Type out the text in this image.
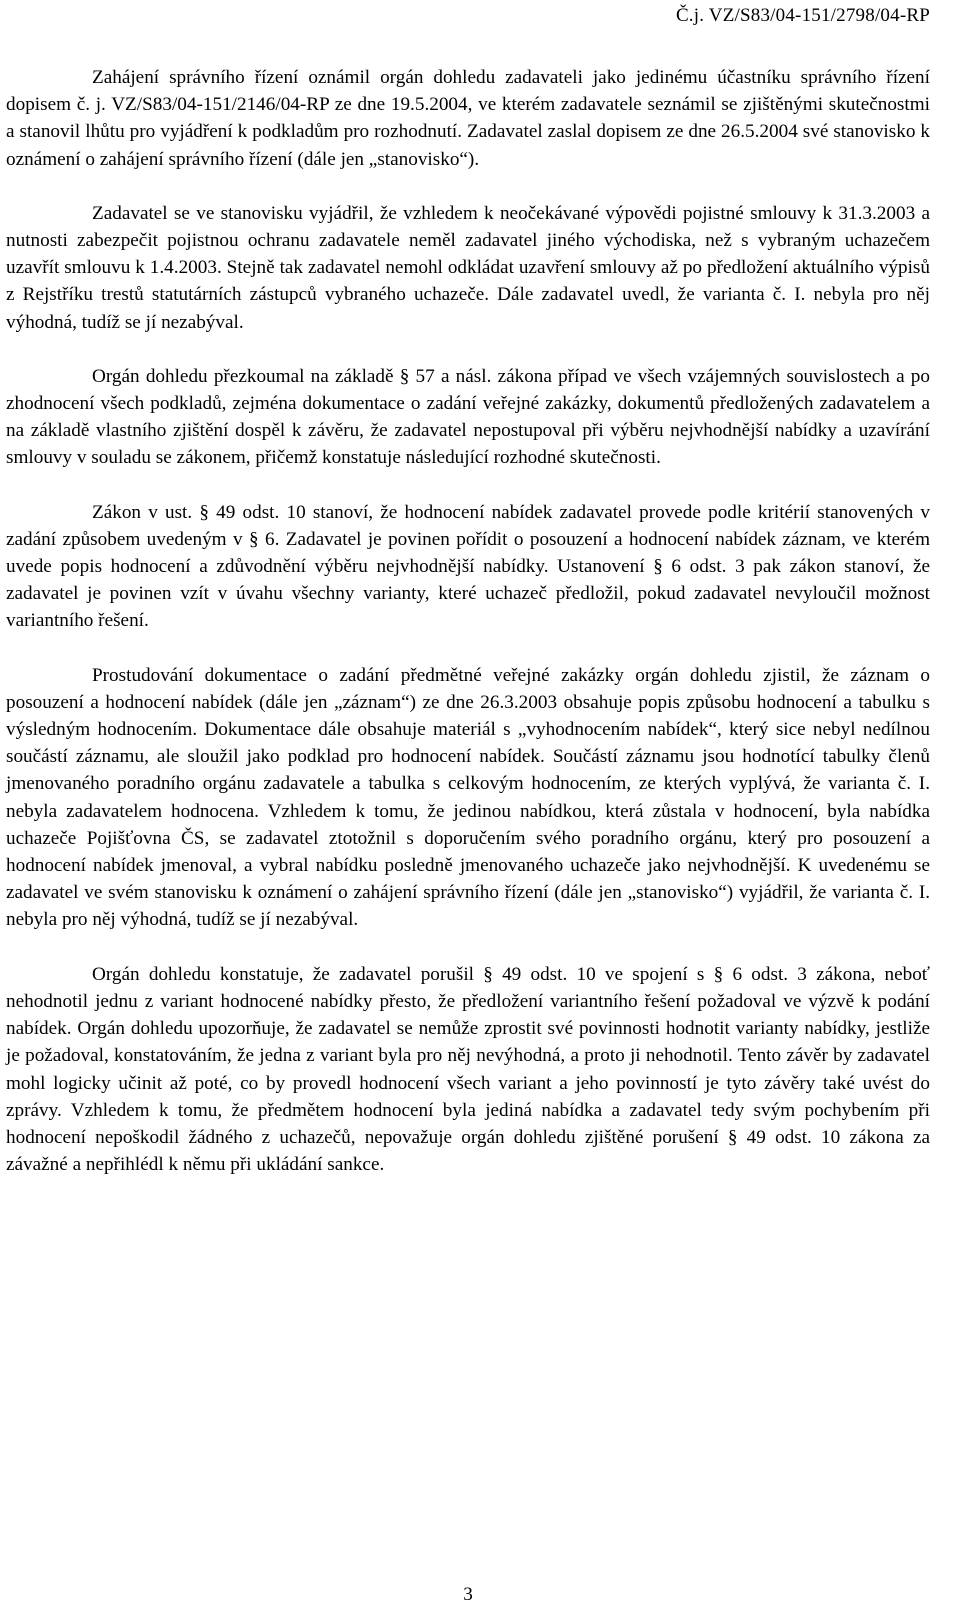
Č.j. VZ/S83/04-151/2798/04-RP

Zahájení správního řízení oznámil orgán dohledu zadavateli jako jedinému účastníku správního řízení dopisem č. j. VZ/S83/04-151/2146/04-RP ze dne 19.5.2004, ve kterém zadavatele seznámil se zjištěnými skutečnostmi a stanovil lhůtu pro vyjádření k podkladům pro rozhodnutí. Zadavatel zaslal dopisem ze dne 26.5.2004 své stanovisko k oznámení o zahájení správního řízení (dále jen „stanovisko“).

Zadavatel se ve stanovisku vyjádřil, že vzhledem k neočekávané výpovědi pojistné smlouvy k 31.3.2003 a nutnosti zabezpečit pojistnou ochranu zadavatele neměl zadavatel jiného východiska, než s vybraným uchazečem uzavřít smlouvu k 1.4.2003. Stejně tak zadavatel nemohl odkládat uzavření smlouvy až po předložení aktuálního výpisů z Rejstříku trestů statutárních zástupců vybraného uchazeče. Dále zadavatel uvedl, že varianta č. I. nebyla pro něj výhodná, tudíž se jí nezabýval.

Orgán dohledu přezkoumal na základě § 57 a násl. zákona případ ve všech vzájemných souvislostech a po zhodnocení všech podkladů, zejména dokumentace o zadání veřejné zakázky, dokumentů předložených zadavatelem a na základě vlastního zjištění dospěl k závěru, že zadavatel nepostupoval při výběru nejvhodnější nabídky a uzavírání smlouvy v souladu se zákonem, přičemž konstatuje následující rozhodné skutečnosti.

Zákon v ust. § 49 odst. 10 stanoví, že hodnocení nabídek zadavatel provede podle kritérií stanovených v zadání způsobem uvedeným v § 6. Zadavatel je povinen pořídit o posouzení a hodnocení nabídek záznam, ve kterém uvede popis hodnocení a zdůvodnění výběru nejvhodnější nabídky. Ustanovení § 6 odst. 3 pak zákon stanoví, že zadavatel je povinen vzít v úvahu všechny varianty, které uchazeč předložil, pokud zadavatel nevyloučil možnost variantního řešení.

Prostudování dokumentace o zadání předmětné veřejné zakázky orgán dohledu zjistil, že záznam o posouzení a hodnocení nabídek (dále jen „záznam“) ze dne 26.3.2003 obsahuje popis způsobu hodnocení a tabulku s výsledným hodnocením. Dokumentace dále obsahuje materiál s „vyhodnocením nabídek“, který sice nebyl nedílnou součástí záznamu, ale sloužil jako podklad pro hodnocení nabídek. Součástí záznamu jsou hodnotící tabulky členů jmenovaného poradního orgánu zadavatele a tabulka s celkovým hodnocením, ze kterých vyplývá, že varianta č. I. nebyla zadavatelem hodnocena. Vzhledem k tomu, že jedinou nabídkou, která zůstala v hodnocení, byla nabídka uchazeče Pojišťovna ČS, se zadavatel ztotožnil s doporučením svého poradního orgánu, který pro posouzení a hodnocení nabídek jmenoval, a vybral nabídku posledně jmenovaného uchazeče jako nejvhodnější. K uvedenému se zadavatel ve svém stanovisku k oznámení o zahájení správního řízení (dále jen „stanovisko“) vyjádřil, že varianta č. I. nebyla pro něj výhodná, tudíž se jí nezabýval.

Orgán dohledu konstatuje, že zadavatel porušil § 49 odst. 10 ve spojení s § 6 odst. 3 zákona, neboť nehodnotil jednu z variant hodnocené nabídky přesto, že předložení variantního řešení požadoval ve výzvě k podání nabídek. Orgán dohledu upozorňuje, že zadavatel se nemůže zprostit své povinnosti hodnotit varianty nabídky, jestliže je požadoval, konstatováním, že jedna z variant byla pro něj nevýhodná, a proto ji nehodnotil. Tento závěr by zadavatel mohl logicky učinit až poté, co by provedl hodnocení všech variant a jeho povinností je tyto závěry také uvést do zprávy. Vzhledem k tomu, že předmětem hodnocení byla jediná nabídka a zadavatel tedy svým pochybením při hodnocení nepoškodil žádného z uchazečů, nepovažuje orgán dohledu zjištěné porušení § 49 odst. 10 zákona za závažné a nepřihlédl k němu při ukládání sankce.

3
